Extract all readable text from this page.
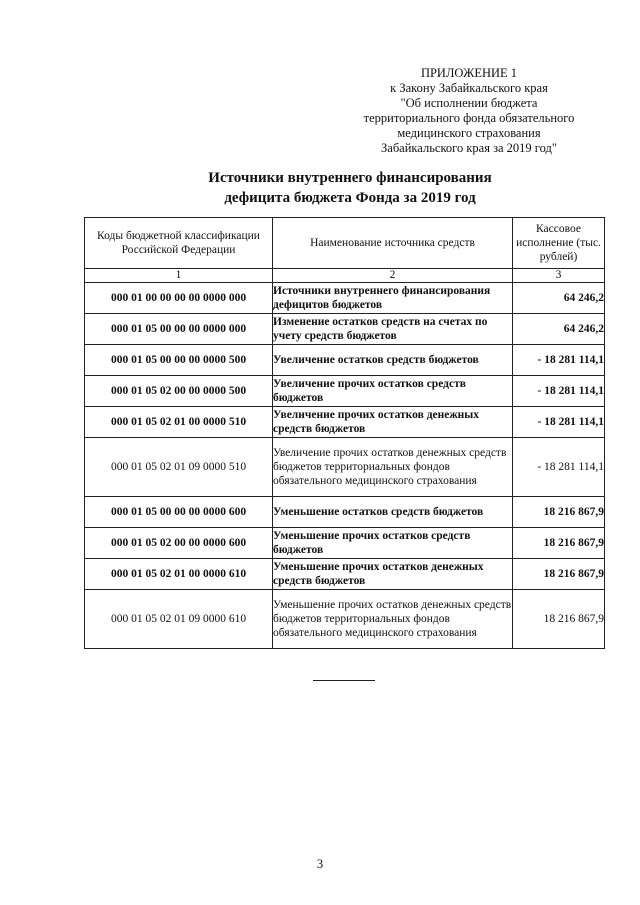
ПРИЛОЖЕНИЕ 1
к Закону Забайкальского края
"Об исполнении бюджета
территориального фонда обязательного
медицинского страхования
Забайкальского края за 2019 год"
Источники внутреннего финансирования
дефицита бюджета Фонда за 2019 год
Коды бюджетной классификации Российской Федерации	Наименование источника средств	Кассовое исполнение (тыс. рублей)
1	2	3
000 01 00 00 00 00 0000 000	Источники внутреннего финансирования дефицитов бюджетов	64 246,2
000 01 05 00 00 00 0000 000	Изменение остатков средств на счетах по учету средств бюджетов	64 246,2
000 01 05 00 00 00 0000 500	Увеличение остатков средств бюджетов	- 18 281 114,1
000 01 05 02 00 00 0000 500	Увеличение прочих остатков средств бюджетов	- 18 281 114,1
000 01 05 02 01 00 0000 510	Увеличение прочих остатков денежных средств бюджетов	- 18 281 114,1
000 01 05 02 01 09 0000 510	Увеличение прочих остатков денежных средств бюджетов территориальных фондов обязательного медицинского страхования	- 18 281 114,1
000 01 05 00 00 00 0000 600	Уменьшение остатков средств бюджетов	18 216 867,9
000 01 05 02 00 00 0000 600	Уменьшение прочих остатков средств бюджетов	18 216 867,9
000 01 05 02 01 00 0000 610	Уменьшение прочих остатков денежных средств бюджетов	18 216 867,9
000 01 05 02 01 09 0000 610	Уменьшение прочих остатков денежных средств бюджетов территориальных фондов обязательного медицинского страхования	18 216 867,9
3
